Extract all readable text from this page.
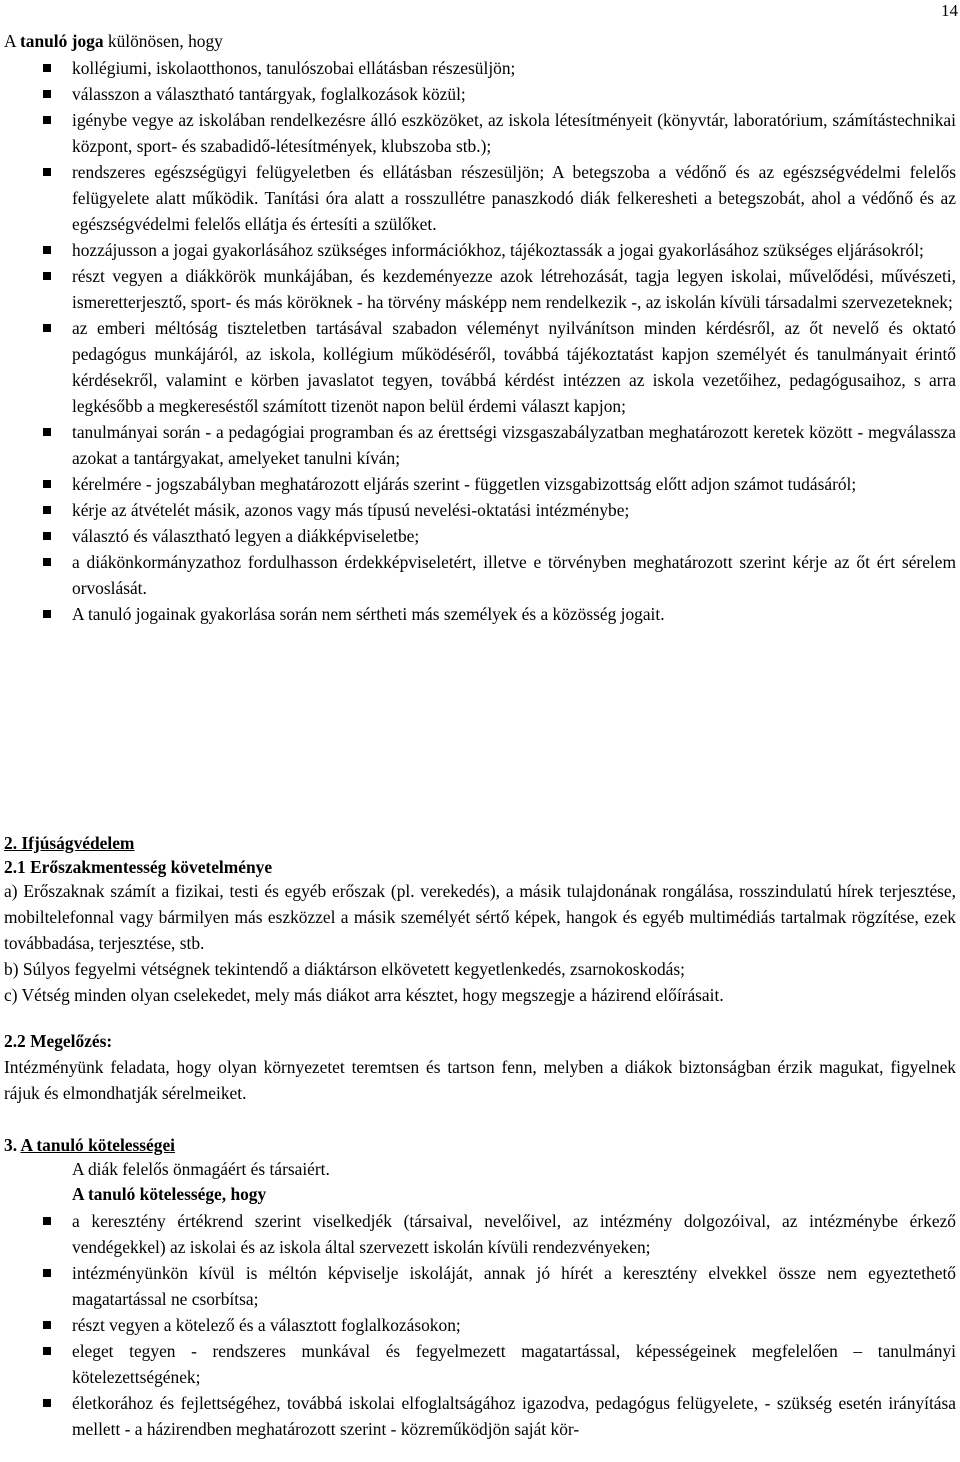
14

A tanuló joga különösen, hogy

kollégiumi, iskolaotthonos, tanulószobai ellátásban részesüljön;
válasszon a választható tantárgyak, foglalkozások közül;
igénybe vegye az iskolában rendelkezésre álló eszközöket, az iskola létesítményeit (könyvtár, laboratórium, számítástechnikai központ, sport- és szabadidő-létesítmények, klubszoba stb.);
rendszeres egészségügyi felügyeletben és ellátásban részesüljön; A betegszoba a védőnő és az egészségvédelmi felelős felügyelete alatt működik. Tanítási óra alatt a rosszullétre panaszkodó diák felkeresheti a betegszobát, ahol a védőnő és az egészségvédelmi felelős ellátja és értesíti a szülőket.
hozzájusson a jogai gyakorlásához szükséges információkhoz, tájékoztassák a jogai gyakorlásához szükséges eljárásokról;
részt vegyen a diákkörök munkájában, és kezdeményezze azok létrehozását, tagja legyen iskolai, művelődési, művészeti, ismeretterjesztő, sport- és más köröknek - ha törvény másképp nem rendelkezik -, az iskolán kívüli társadalmi szervezeteknek;
az emberi méltóság tiszteletben tartásával szabadon véleményt nyilvánítson minden kérdésről, az őt nevelő és oktató pedagógus munkájáról, az iskola, kollégium működéséről, továbbá tájékoztatást kapjon személyét és tanulmányait érintő kérdésekről, valamint e körben javaslatot tegyen, továbbá kérdést intézzen az iskola vezetőihez, pedagógusaihoz, s arra legkésőbb a megkereséstől számított tizenöt napon belül érdemi választ kapjon;
tanulmányai során - a pedagógiai programban és az érettségi vizsgaszabályzatban meghatározott keretek között - megválassza azokat a tantárgyakat, amelyeket tanulni kíván;
kérelmére - jogszabályban meghatározott eljárás szerint - független vizsgabizottság előtt adjon számot tudásáról;
kérje az átvételét másik, azonos vagy más típusú nevelési-oktatási intézménybe;
választó és választható legyen a diákképviseletbe;
a diákönkormányzathoz fordulhasson érdekképviseletért, illetve e törvényben meghatározott szerint kérje az őt ért sérelem orvoslását.
A tanuló jogainak gyakorlása során nem sértheti más személyek és a közösség jogait.
2. Ifjúságvédelem
2.1 Erőszakmentesség követelménye

a) Erőszaknak számít a fizikai, testi és egyéb erőszak (pl. verekedés), a másik tulajdonának rongálása, rosszindulatú hírek terjesztése, mobiltelefonnal vagy bármilyen más eszközzel a másik személyét sértő képek, hangok és egyéb multimédiás tartalmak rögzítése, ezek továbbadása, terjesztése, stb.

b) Súlyos fegyelmi vétségnek tekintendő a diáktárson elkövetett kegyetlenkedés, zsarnokoskodás;

c) Vétség minden olyan cselekedet, mely más diákot arra késztet, hogy megszegje a házirend előírásait.

2.2 Megelőzés:

Intézményünk feladata, hogy olyan környezetet teremtsen és tartson fenn, melyben a diákok biztonságban érzik magukat, figyelnek rájuk és elmondhatják sérelmeiket.

3. A tanuló kötelességei
A diák felelős önmagáért és társaiért.
A tanuló kötelessége, hogy
a keresztény értékrend szerint viselkedjék (társaival, nevelőivel, az intézmény dolgozóival, az intézménybe érkező vendégekkel) az iskolai és az iskola által szervezett iskolán kívüli rendezvényeken;
intézményünkön kívül is méltón képviselje iskoláját, annak jó hírét a keresztény elvekkel össze nem egyeztethető magatartással ne csorbítsa;
részt vegyen a kötelező és a választott foglalkozásokon;
eleget tegyen - rendszeres munkával és fegyelmezett magatartással, képességeinek megfelelően – tanulmányi kötelezettségének;
életkorához és fejlettségéhez, továbbá iskolai elfoglaltságához igazodva, pedagógus felügyelete, - szükség esetén irányítása mellett - a házirendben meghatározott szerint - közreműködjön saját kör-
